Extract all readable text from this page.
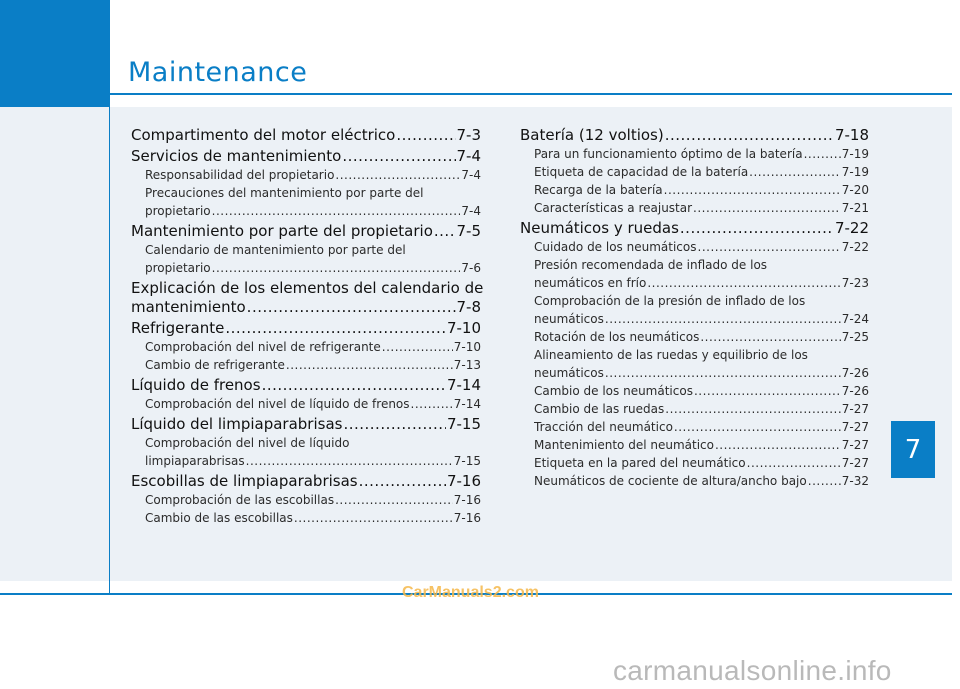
Maintenance
Compartimento del motor eléctrico .....	7-3
Servicios de mantenimiento .....	7-4
Responsabilidad del propietario .....	7-4
Precauciones del mantenimiento por parte del
propietario .....	7-4
Mantenimiento por parte del propietario ..... 7-5
Calendario de mantenimiento por parte del
propietario .....	7-6
Explicación de los elementos del calendario de
mantenimiento .....	7-8
Refrigerante .....	7-10
Comprobación del nivel de refrigerante .....	7-10
Cambio de refrigerante .....	7-13
Líquido de frenos .....	7-14
Comprobación del nivel de líquido de frenos .....	7-14
Líquido del limpiaparabrisas .....	7-15
Comprobación del nivel de líquido
limpiaparabrisas .....	7-15
Escobillas de limpiaparabrisas .....	7-16
Comprobación de las escobillas .....	7-16
Cambio de las escobillas .....	7-16
Batería (12 voltios) .....	7-18
Para un funcionamiento óptimo de la batería .....	7-19
Etiqueta de capacidad de la batería .....	7-19
Recarga de la batería .....	7-20
Características a reajustar .....	7-21
Neumáticos y ruedas .....	7-22
Cuidado de los neumáticos .....	7-22
Presión recomendada de inflado de los
neumáticos en frío .....	7-23
Comprobación de la presión de inflado de los
neumáticos .....	7-24
Rotación de los neumáticos .....	7-25
Alineamiento de las ruedas y equilibrio de los
neumáticos .....	7-26
Cambio de los neumáticos .....	7-26
Cambio de las ruedas .....	7-27
Tracción del neumático .....	7-27
Mantenimiento del neumático .....	7-27
Etiqueta en la pared del neumático .....	7-27
Neumáticos de cociente de altura/ancho bajo .....	7-32
7
CarManuals2.com
carmanualsonline.info
